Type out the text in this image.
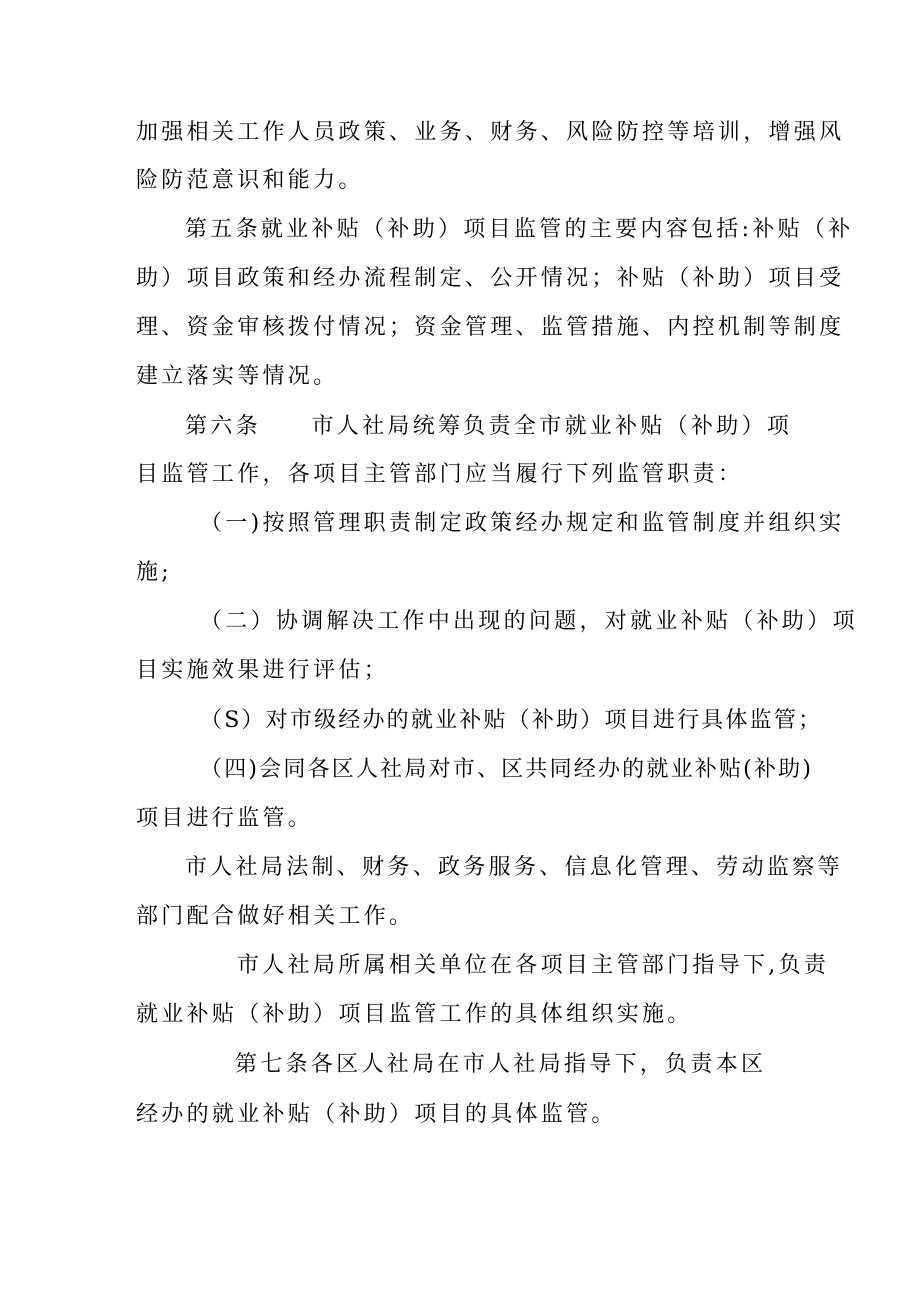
加强相关工作人员政策、业务、财务、风险防控等培训，增强风
险防范意识和能力。
第五条就业补贴（补助）项目监管的主要内容包括:补贴（补
助）项目政策和经办流程制定、公开情况；补贴（补助）项目受
理、资金审核拨付情况；资金管理、监管措施、内控机制等制度
建立落实等情况。
第六条　　市人社局统筹负责全市就业补贴（补助）项
目监管工作，各项目主管部门应当履行下列监管职责：
（一)按照管理职责制定政策经办规定和监管制度并组织实
施;
（二）协调解决工作中出现的问题，对就业补贴（补助）项
目实施效果进行评估；
（S）对市级经办的就业补贴（补助）项目进行具体监管；
（四)会同各区人社局对市、区共同经办的就业补贴(补助)
项目进行监管。
市人社局法制、财务、政务服务、信息化管理、劳动监察等
部门配合做好相关工作。
市人社局所属相关单位在各项目主管部门指导下,负责
就业补贴（补助）项目监管工作的具体组织实施。
第七条各区人社局在市人社局指导下，负责本区
经办的就业补贴（补助）项目的具体监管。
